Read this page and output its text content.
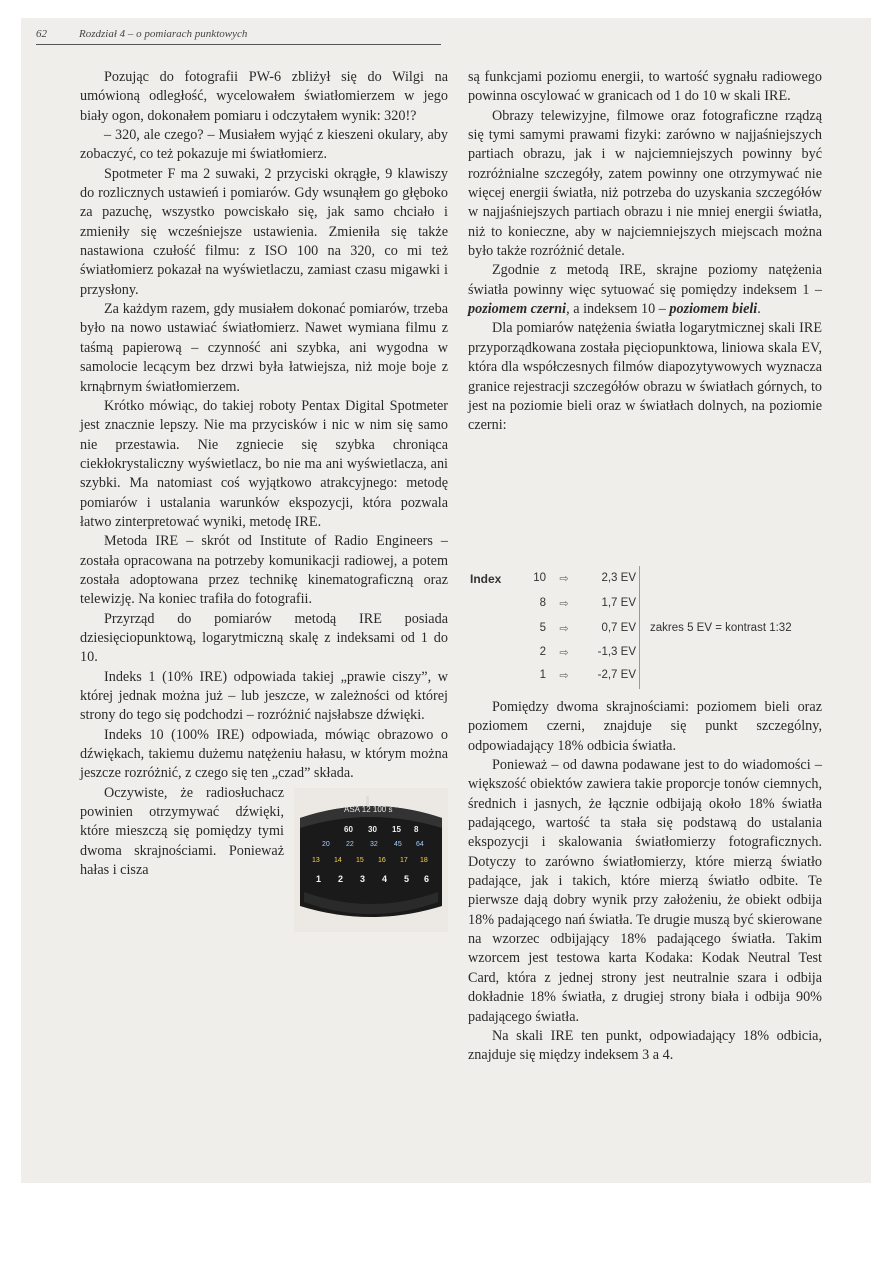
62	Rozdział 4 – o pomiarach punktowych

Pozując do fotografii PW-6 zbliżył się do Wilgi na umówioną odległość, wycelowałem światłomierzem w jego biały ogon, dokonałem pomiaru i odczytałem wynik: 320!?

– 320, ale czego? – Musiałem wyjąć z kieszeni okulary, aby zobaczyć, co też pokazuje mi światłomierz.

Spotmeter F ma 2 suwaki, 2 przyciski okrągłe, 9 klawiszy do rozlicznych ustawień i pomiarów. Gdy wsunąłem go głęboko za pazuchę, wszystko powciskało się, jak samo chciało i zmieniły się wcześniejsze ustawienia. Zmieniła się także nastawiona czułość filmu: z ISO 100 na 320, co mi też światłomierz pokazał na wyświetlaczu, zamiast czasu migawki i przysłony.

Za każdym razem, gdy musiałem dokonać pomiarów, trzeba było na nowo ustawiać światłomierz. Nawet wymiana filmu z taśmą papierową – czynność ani szybka, ani wygodna w samolocie lecącym bez drzwi była łatwiejsza, niż moje boje z krnąbrnym światłomierzem.

Krótko mówiąc, do takiej roboty Pentax Digital Spotmeter jest znacznie lepszy. Nie ma przycisków i nic w nim się samo nie przestawia. Nie zgniecie się szybka chroniąca ciekłokrystaliczny wyświetlacz, bo nie ma ani wyświetlacza, ani szybki. Ma natomiast coś wyjątkowo atrakcyjnego: metodę pomiarów i ustalania warunków ekspozycji, która pozwala łatwo zinterpretować wyniki, metodę IRE.

Metoda IRE – skrót od Institute of Radio Engineers – została opracowana na potrzeby komunikacji radiowej, a potem została adoptowana przez technikę kinematograficzną oraz telewizję. Na koniec trafiła do fotografii.

Przyrząd do pomiarów metodą IRE posiada dziesięciopunktową, logarytmiczną skalę z indeksami od 1 do 10.

Indeks 1 (10% IRE) odpowiada takiej „prawie ciszy”, w której jednak można już – lub jeszcze, w zależności od której strony do tego się podchodzi – rozróżnić najsłabsze dźwięki.

Indeks 10 (100% IRE) odpowiada, mówiąc obrazowo o dźwiękach, takiemu dużemu natężeniu hałasu, w którym można jeszcze rozróżnić, z czego się ten „czad” składa.

ASA 12 100 s
60 30 15 8
20 22 32 45 64
13 14 15 16 17 18
1 2 3 4 5 6

Oczywiste, że radiosłuchacz powinien otrzymywać dźwięki, które mieszczą się pomiędzy tymi dwoma skrajnościami. Ponieważ hałas i cisza

są funkcjami poziomu energii, to wartość sygnału radiowego powinna oscylować w granicach od 1 do 10 w skali IRE.

Obrazy telewizyjne, filmowe oraz fotograficzne rządzą się tymi samymi prawami fizyki: zarówno w najjaśniejszych partiach obrazu, jak i w najciemniejszych powinny być rozróżnialne szczegóły, zatem powinny one otrzymywać nie więcej energii światła, niż potrzeba do uzyskania szczegółów w najjaśniejszych partiach obrazu i nie mniej energii światła, niż to konieczne, aby w najciemniejszych miejscach można było także rozróżnić detale.

Zgodnie z metodą IRE, skrajne poziomy natężenia światła powinny więc sytuować się pomiędzy indeksem 1 – poziomem czerni, a indeksem 10 – poziomem bieli.

Dla pomiarów natężenia światła logarytmicznej skali IRE przyporządkowana została pięciopunktowa, liniowa skala EV, która dla współczesnych filmów diapozytywowych wyznacza granice rejestracji szczegółów obrazu w światłach górnych, to jest na poziomie bieli oraz w światłach dolnych, na poziomie czerni:

Index	10	⇨	2,3 EV
8	⇨	1,7 EV
5	⇨	0,7 EV
2	⇨	-1,3 EV
1	⇨	-2,7 EV
zakres 5 EV = kontrast 1:32

Pomiędzy dwoma skrajnościami: poziomem bieli oraz poziomem czerni, znajduje się punkt szczególny, odpowiadający 18% odbicia światła.

Ponieważ – od dawna podawane jest to do wiadomości – większość obiektów zawiera takie proporcje tonów ciemnych, średnich i jasnych, że łącznie odbijają około 18% światła padającego, wartość ta stała się podstawą do ustalania ekspozycji i skalowania światłomierzy fotograficznych. Dotyczy to zarówno światłomierzy, które mierzą światło padające, jak i takich, które mierzą światło odbite. Te pierwsze dają dobry wynik przy założeniu, że obiekt odbija 18% padającego nań światła. Te drugie muszą być skierowane na wzorzec odbijający 18% padającego światła. Takim wzorcem jest testowa karta Kodaka: Kodak Neutral Test Card, która z jednej strony jest neutralnie szara i odbija dokładnie 18% światła, z drugiej strony biała i odbija 90% padającego światła.

Na skali IRE ten punkt, odpowiadający 18% odbicia, znajduje się między indeksem 3 a 4.
